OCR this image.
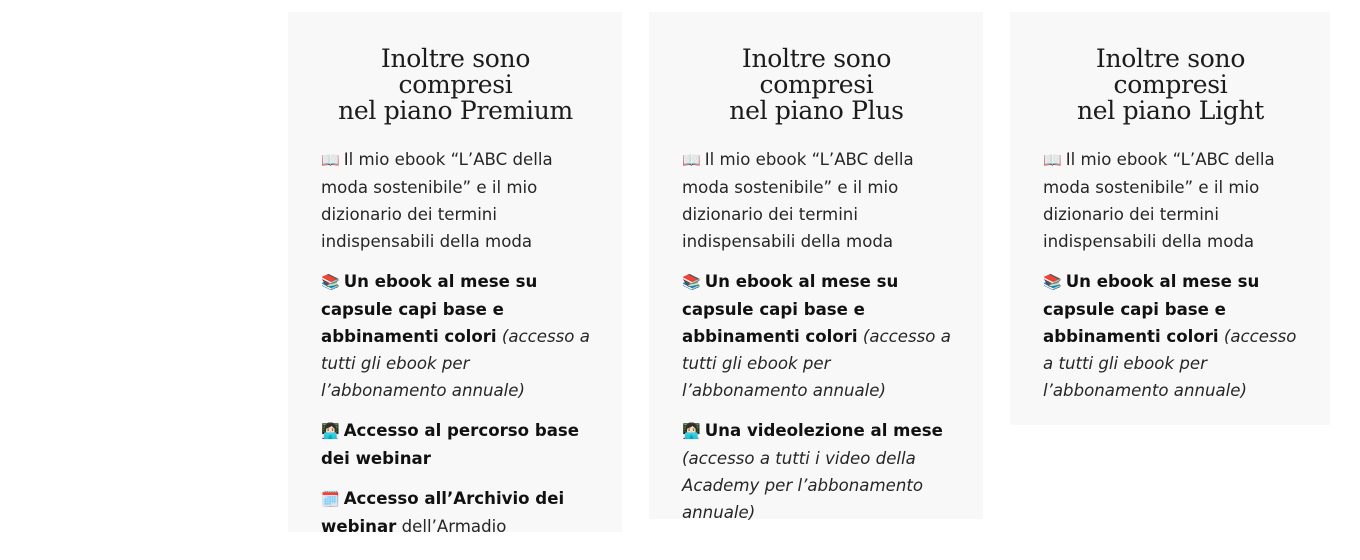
Inoltre sono compresi
nel piano Premium

📖 Il mio ebook “L’ABC della moda sostenibile” e il mio dizionario dei termini indispensabili della moda

📚 Un ebook al mese su capsule capi base e abbinamenti colori (accesso a tutti gli ebook per l’abbonamento annuale)

👩🏻‍💻 Accesso al percorso base dei webinar

🗓️ Accesso all’Archivio dei webinar dell’Armadio

Inoltre sono compresi
nel piano Plus

📖 Il mio ebook “L’ABC della moda sostenibile” e il mio dizionario dei termini indispensabili della moda

📚 Un ebook al mese su capsule capi base e abbinamenti colori (accesso a tutti gli ebook per l’abbonamento annuale)

👩🏻‍💻 Una videolezione al mese
(accesso a tutti i video della Academy per l’abbonamento annuale)

Inoltre sono compresi
nel piano Light

📖 Il mio ebook “L’ABC della moda sostenibile” e il mio dizionario dei termini indispensabili della moda

📚 Un ebook al mese su capsule capi base e abbinamenti colori (accesso a tutti gli ebook per l’abbonamento annuale)
